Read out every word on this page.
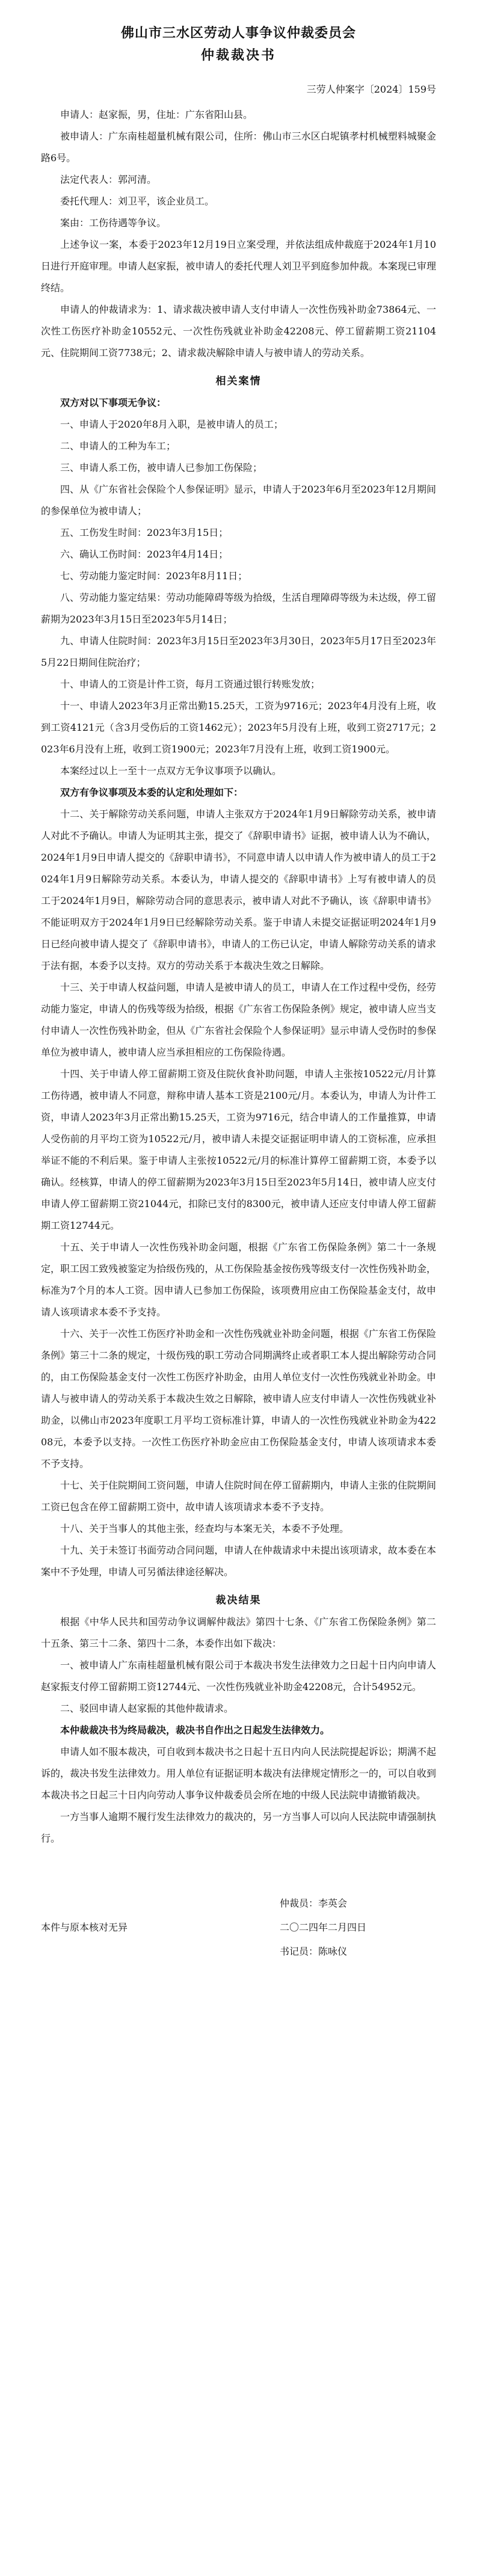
佛山市三水区劳动人事争议仲裁委员会
仲裁裁决书
三劳人仲案字〔2024〕159号

申请人：赵家振，男，住址：广东省阳山县。

被申请人：广东南桂超量机械有限公司，住所：佛山市三水区白坭镇孝村机械塑料城聚金路6号。

法定代表人：郭河清。

委托代理人：刘卫平，该企业员工。

案由：工伤待遇等争议。

上述争议一案，本委于2023年12月19日立案受理，并依法组成仲裁庭于2024年1月10日进行开庭审理。申请人赵家振，被申请人的委托代理人刘卫平到庭参加仲裁。本案现已审理终结。

申请人的仲裁请求为：1、请求裁决被申请人支付申请人一次性伤残补助金73864元、一次性工伤医疗补助金10552元、一次性伤残就业补助金42208元、停工留薪期工资21104元、住院期间工资7738元；2、请求裁决解除申请人与被申请人的劳动关系。

相关案情

双方对以下事项无争议：

一、申请人于2020年8月入职，是被申请人的员工；

二、申请人的工种为车工；

三、申请人系工伤，被申请人已参加工伤保险；

四、从《广东省社会保险个人参保证明》显示，申请人于2023年6月至2023年12月期间的参保单位为被申请人；

五、工伤发生时间：2023年3月15日；

六、确认工伤时间：2023年4月14日；

七、劳动能力鉴定时间：2023年8月11日；

八、劳动能力鉴定结果：劳动功能障碍等级为拾级，生活自理障碍等级为未达级，停工留薪期为2023年3月15日至2023年5月14日；

九、申请人住院时间：2023年3月15日至2023年3月30日，2023年5月17日至2023年5月22日期间住院治疗；

十、申请人的工资是计件工资，每月工资通过银行转账发放；

十一、申请人2023年3月正常出勤15.25天，工资为9716元；2023年4月没有上班，收到工资4121元（含3月受伤后的工资1462元）；2023年5月没有上班，收到工资2717元；2023年6月没有上班，收到工资1900元；2023年7月没有上班，收到工资1900元。

本案经过以上一至十一点双方无争议事项予以确认。

双方有争议事项及本委的认定和处理如下：

十二、关于解除劳动关系问题，申请人主张双方于2024年1月9日解除劳动关系，被申请人对此不予确认。申请人为证明其主张，提交了《辞职申请书》证据，被申请人认为不确认，2024年1月9日申请人提交的《辞职申请书》，不同意申请人以申请人作为被申请人的员工于2024年1月9日解除劳动关系。本委认为，申请人提交的《辞职申请书》上写有被申请人的员工于2024年1月9日，解除劳动合同的意思表示，被申请人对此不予确认，该《辞职申请书》不能证明双方于2024年1月9日已经解除劳动关系。鉴于申请人未提交证据证明2024年1月9日已经向被申请人提交了《辞职申请书》，申请人的工伤已认定，申请人解除劳动关系的请求于法有据，本委予以支持。双方的劳动关系于本裁决生效之日解除。

十三、关于申请人权益问题，申请人是被申请人的员工，申请人在工作过程中受伤，经劳动能力鉴定，申请人的伤残等级为拾级，根据《广东省工伤保险条例》规定，被申请人应当支付申请人一次性伤残补助金，但从《广东省社会保险个人参保证明》显示申请人受伤时的参保单位为被申请人，被申请人应当承担相应的工伤保险待遇。

十四、关于申请人停工留薪期工资及住院伙食补助问题，申请人主张按10522元/月计算工伤待遇，被申请人不同意，辩称申请人基本工资是2100元/月。本委认为，申请人为计件工资，申请人2023年3月正常出勤15.25天，工资为9716元，结合申请人的工作量推算，申请人受伤前的月平均工资为10522元/月，被申请人未提交证据证明申请人的工资标准，应承担举证不能的不利后果。鉴于申请人主张按10522元/月的标准计算停工留薪期工资，本委予以确认。经核算，申请人的停工留薪期为2023年3月15日至2023年5月14日，被申请人应支付申请人停工留薪期工资21044元，扣除已支付的8300元，被申请人还应支付申请人停工留薪期工资12744元。

十五、关于申请人一次性伤残补助金问题，根据《广东省工伤保险条例》第二十一条规定，职工因工致残被鉴定为拾级伤残的，从工伤保险基金按伤残等级支付一次性伤残补助金，标准为7个月的本人工资。因申请人已参加工伤保险，该项费用应由工伤保险基金支付，故申请人该项请求本委不予支持。

十六、关于一次性工伤医疗补助金和一次性伤残就业补助金问题，根据《广东省工伤保险条例》第三十二条的规定，十级伤残的职工劳动合同期满终止或者职工本人提出解除劳动合同的，由工伤保险基金支付一次性工伤医疗补助金，由用人单位支付一次性伤残就业补助金。申请人与被申请人的劳动关系于本裁决生效之日解除，被申请人应支付申请人一次性伤残就业补助金，以佛山市2023年度职工月平均工资标准计算，申请人的一次性伤残就业补助金为42208元，本委予以支持。一次性工伤医疗补助金应由工伤保险基金支付，申请人该项请求本委不予支持。

十七、关于住院期间工资问题，申请人住院时间在停工留薪期内，申请人主张的住院期间工资已包含在停工留薪期工资中，故申请人该项请求本委不予支持。

十八、关于当事人的其他主张，经查均与本案无关，本委不予处理。

十九、关于未签订书面劳动合同问题，申请人在仲裁请求中未提出该项请求，故本委在本案中不予处理，申请人可另循法律途径解决。

裁决结果

根据《中华人民共和国劳动争议调解仲裁法》第四十七条、《广东省工伤保险条例》第二十五条、第三十二条、第四十二条，本委作出如下裁决：

一、被申请人广东南桂超量机械有限公司于本裁决书发生法律效力之日起十日内向申请人赵家振支付停工留薪期工资12744元、一次性伤残就业补助金42208元，合计54952元。

二、驳回申请人赵家振的其他仲裁请求。

本仲裁裁决书为终局裁决，裁决书自作出之日起发生法律效力。

申请人如不服本裁决，可自收到本裁决书之日起十五日内向人民法院提起诉讼；期满不起诉的，裁决书发生法律效力。用人单位有证据证明本裁决有法律规定情形之一的，可以自收到本裁决书之日起三十日内向劳动人事争议仲裁委员会所在地的中级人民法院申请撤销裁决。

一方当事人逾期不履行发生法律效力的裁决的，另一方当事人可以向人民法院申请强制执行。

仲裁员：李英会
本件与原本核对无异	二〇二四年二月四日
书记员：陈咏仪
